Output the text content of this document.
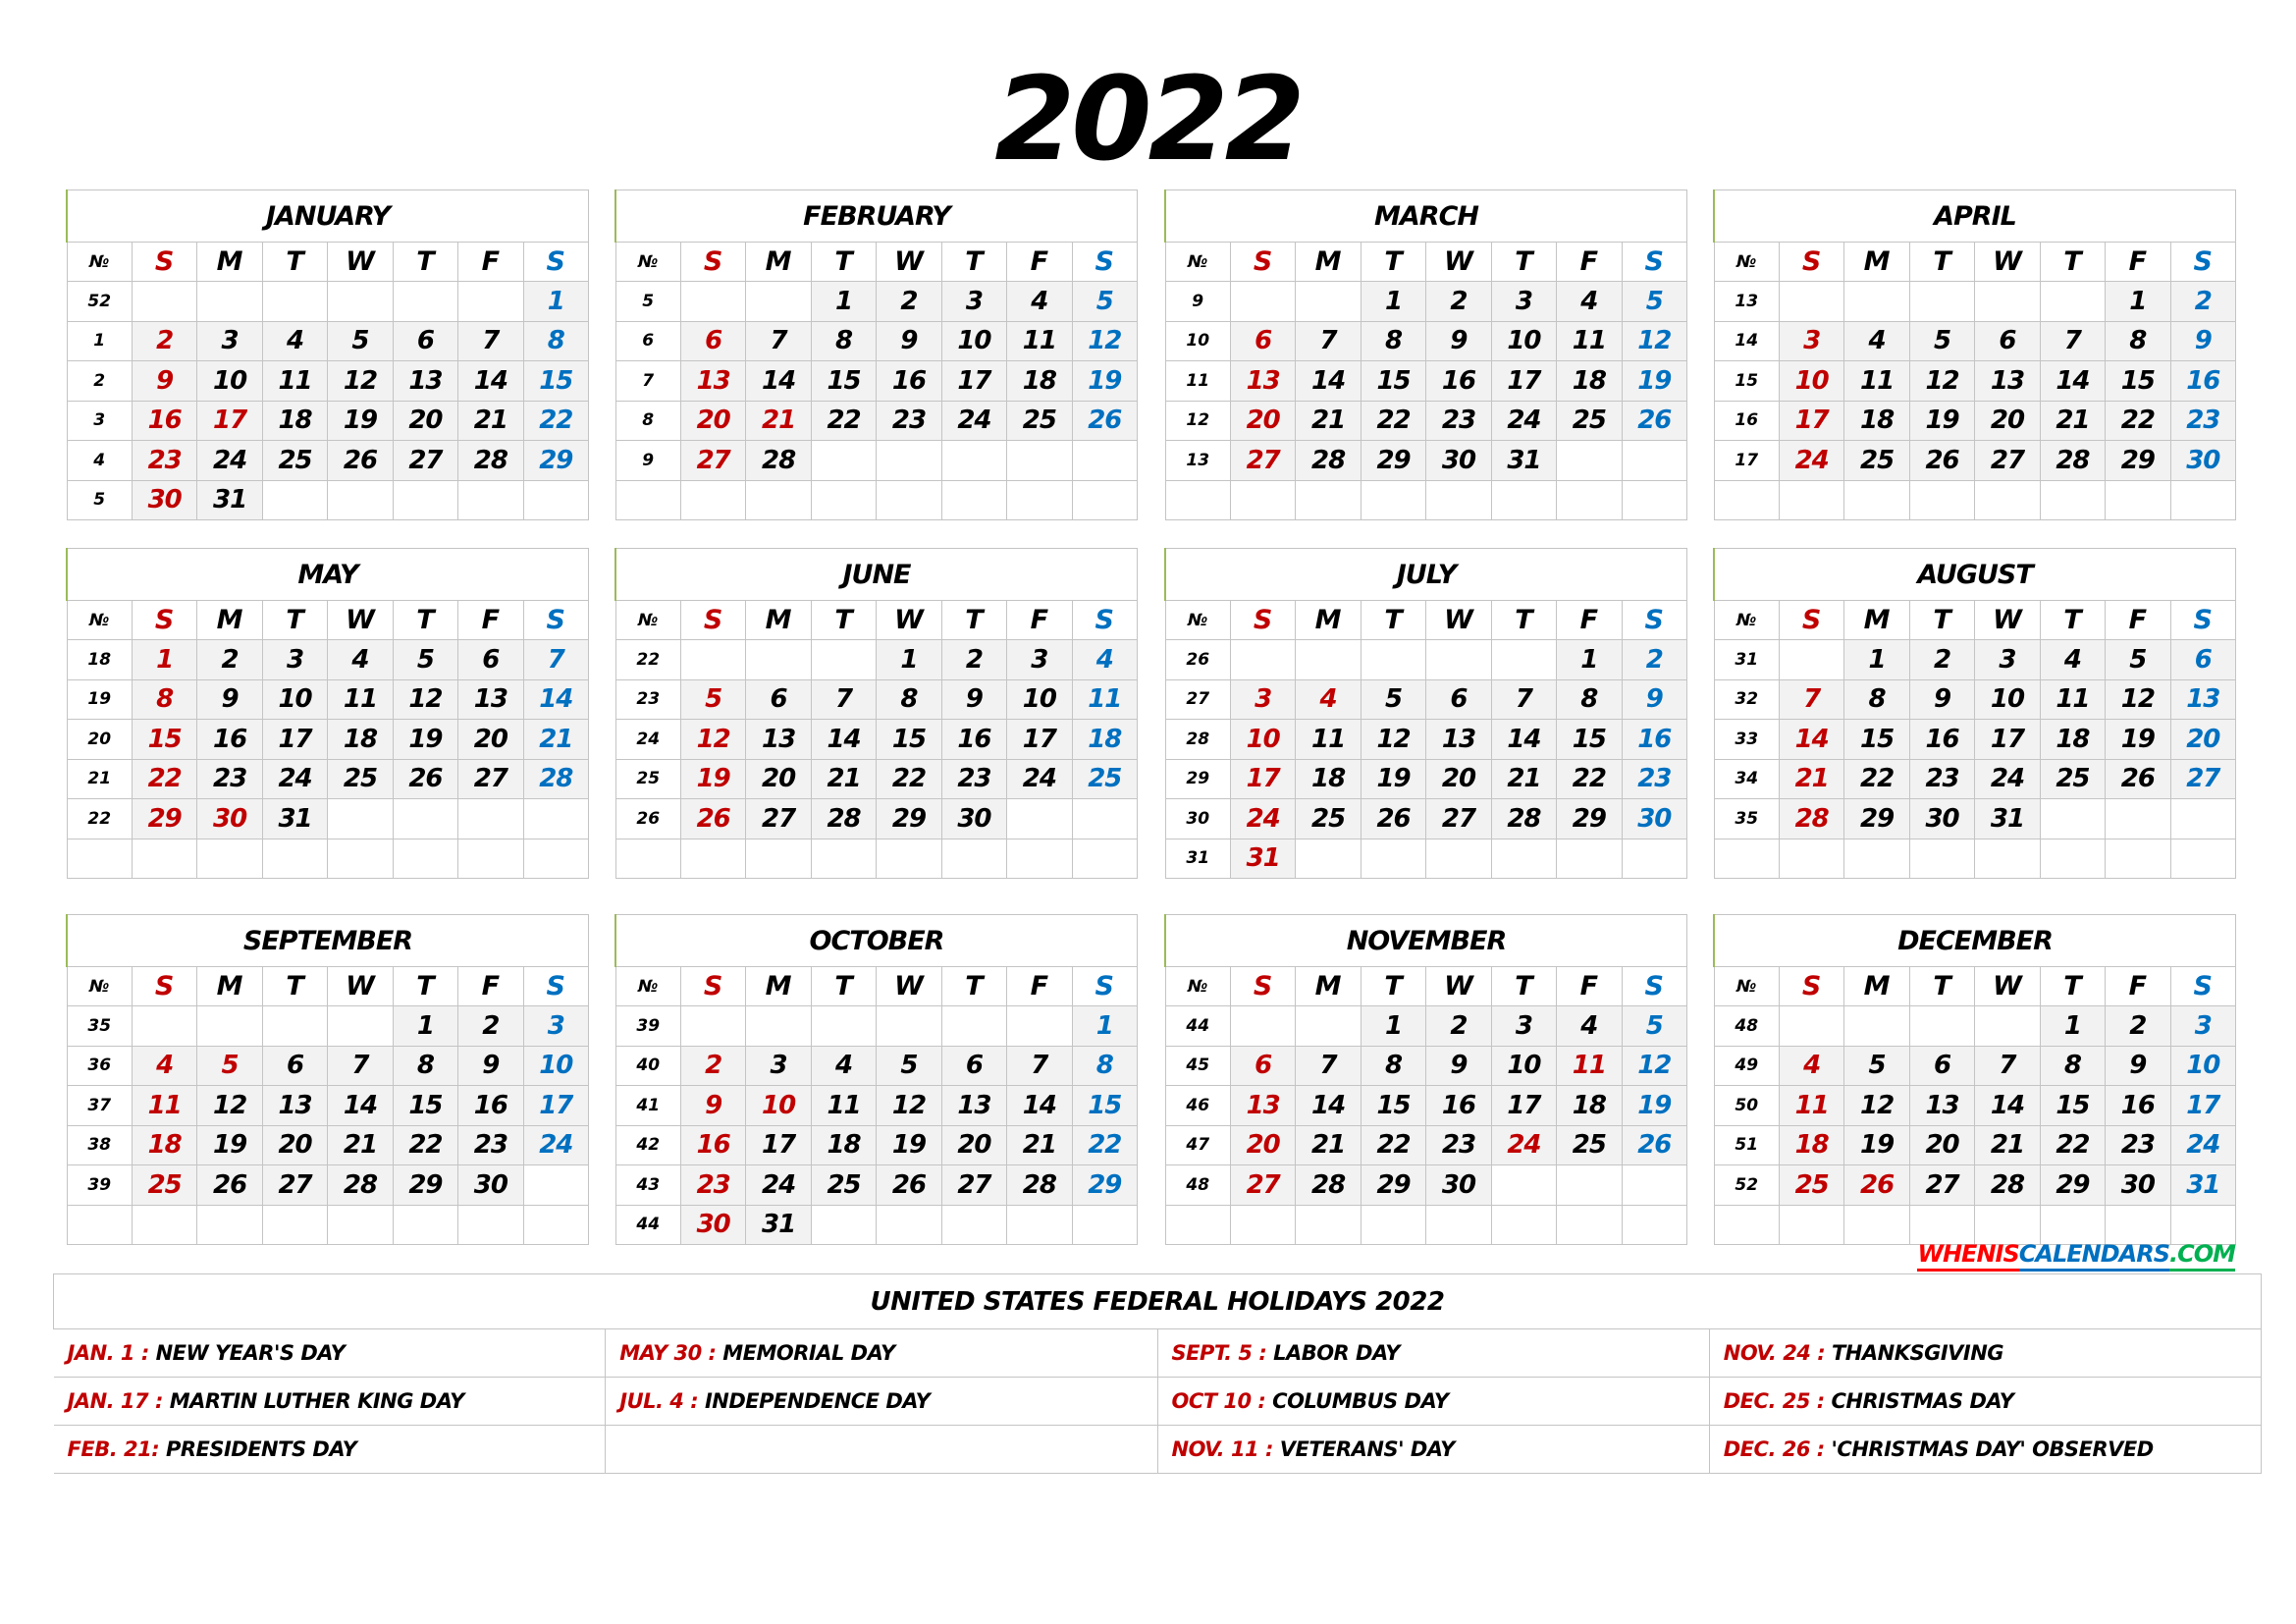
2022
JANUARY							
№	S	M	T	W	T	F	S
52							1
1	2	3	4	5	6	7	8
2	9	10	11	12	13	14	15
3	16	17	18	19	20	21	22
4	23	24	25	26	27	28	29
5	30	31					
FEBRUARY							
№	S	M	T	W	T	F	S
5			1	2	3	4	5
6	6	7	8	9	10	11	12
7	13	14	15	16	17	18	19
8	20	21	22	23	24	25	26
9	27	28					

MARCH							
№	S	M	T	W	T	F	S
9			1	2	3	4	5
10	6	7	8	9	10	11	12
11	13	14	15	16	17	18	19
12	20	21	22	23	24	25	26
13	27	28	29	30	31		

APRIL							
№	S	M	T	W	T	F	S
13						1	2
14	3	4	5	6	7	8	9
15	10	11	12	13	14	15	16
16	17	18	19	20	21	22	23
17	24	25	26	27	28	29	30

MAY							
№	S	M	T	W	T	F	S
18	1	2	3	4	5	6	7
19	8	9	10	11	12	13	14
20	15	16	17	18	19	20	21
21	22	23	24	25	26	27	28
22	29	30	31				

JUNE							
№	S	M	T	W	T	F	S
22				1	2	3	4
23	5	6	7	8	9	10	11
24	12	13	14	15	16	17	18
25	19	20	21	22	23	24	25
26	26	27	28	29	30		

JULY							
№	S	M	T	W	T	F	S
26						1	2
27	3	4	5	6	7	8	9
28	10	11	12	13	14	15	16
29	17	18	19	20	21	22	23
30	24	25	26	27	28	29	30
31	31						
AUGUST							
№	S	M	T	W	T	F	S
31		1	2	3	4	5	6
32	7	8	9	10	11	12	13
33	14	15	16	17	18	19	20
34	21	22	23	24	25	26	27
35	28	29	30	31			

SEPTEMBER							
№	S	M	T	W	T	F	S
35					1	2	3
36	4	5	6	7	8	9	10
37	11	12	13	14	15	16	17
38	18	19	20	21	22	23	24
39	25	26	27	28	29	30	

OCTOBER							
№	S	M	T	W	T	F	S
39							1
40	2	3	4	5	6	7	8
41	9	10	11	12	13	14	15
42	16	17	18	19	20	21	22
43	23	24	25	26	27	28	29
44	30	31					
NOVEMBER							
№	S	M	T	W	T	F	S
44			1	2	3	4	5
45	6	7	8	9	10	11	12
46	13	14	15	16	17	18	19
47	20	21	22	23	24	25	26
48	27	28	29	30			

DECEMBER							
№	S	M	T	W	T	F	S
48					1	2	3
49	4	5	6	7	8	9	10
50	11	12	13	14	15	16	17
51	18	19	20	21	22	23	24
52	25	26	27	28	29	30	31

WHENISCALENDARS.COM
UNITED STATES FEDERAL HOLIDAYS 2022			
JAN. 1 : NEW YEAR'S DAY	MAY 30 : MEMORIAL DAY	SEPT. 5 : LABOR DAY	NOV. 24 : THANKSGIVING
JAN. 17 : MARTIN LUTHER KING DAY	JUL. 4 : INDEPENDENCE DAY	OCT 10 : COLUMBUS DAY	DEC. 25 : CHRISTMAS DAY
FEB. 21: PRESIDENTS DAY		NOV. 11 : VETERANS' DAY	DEC. 26 : 'CHRISTMAS DAY' OBSERVED
